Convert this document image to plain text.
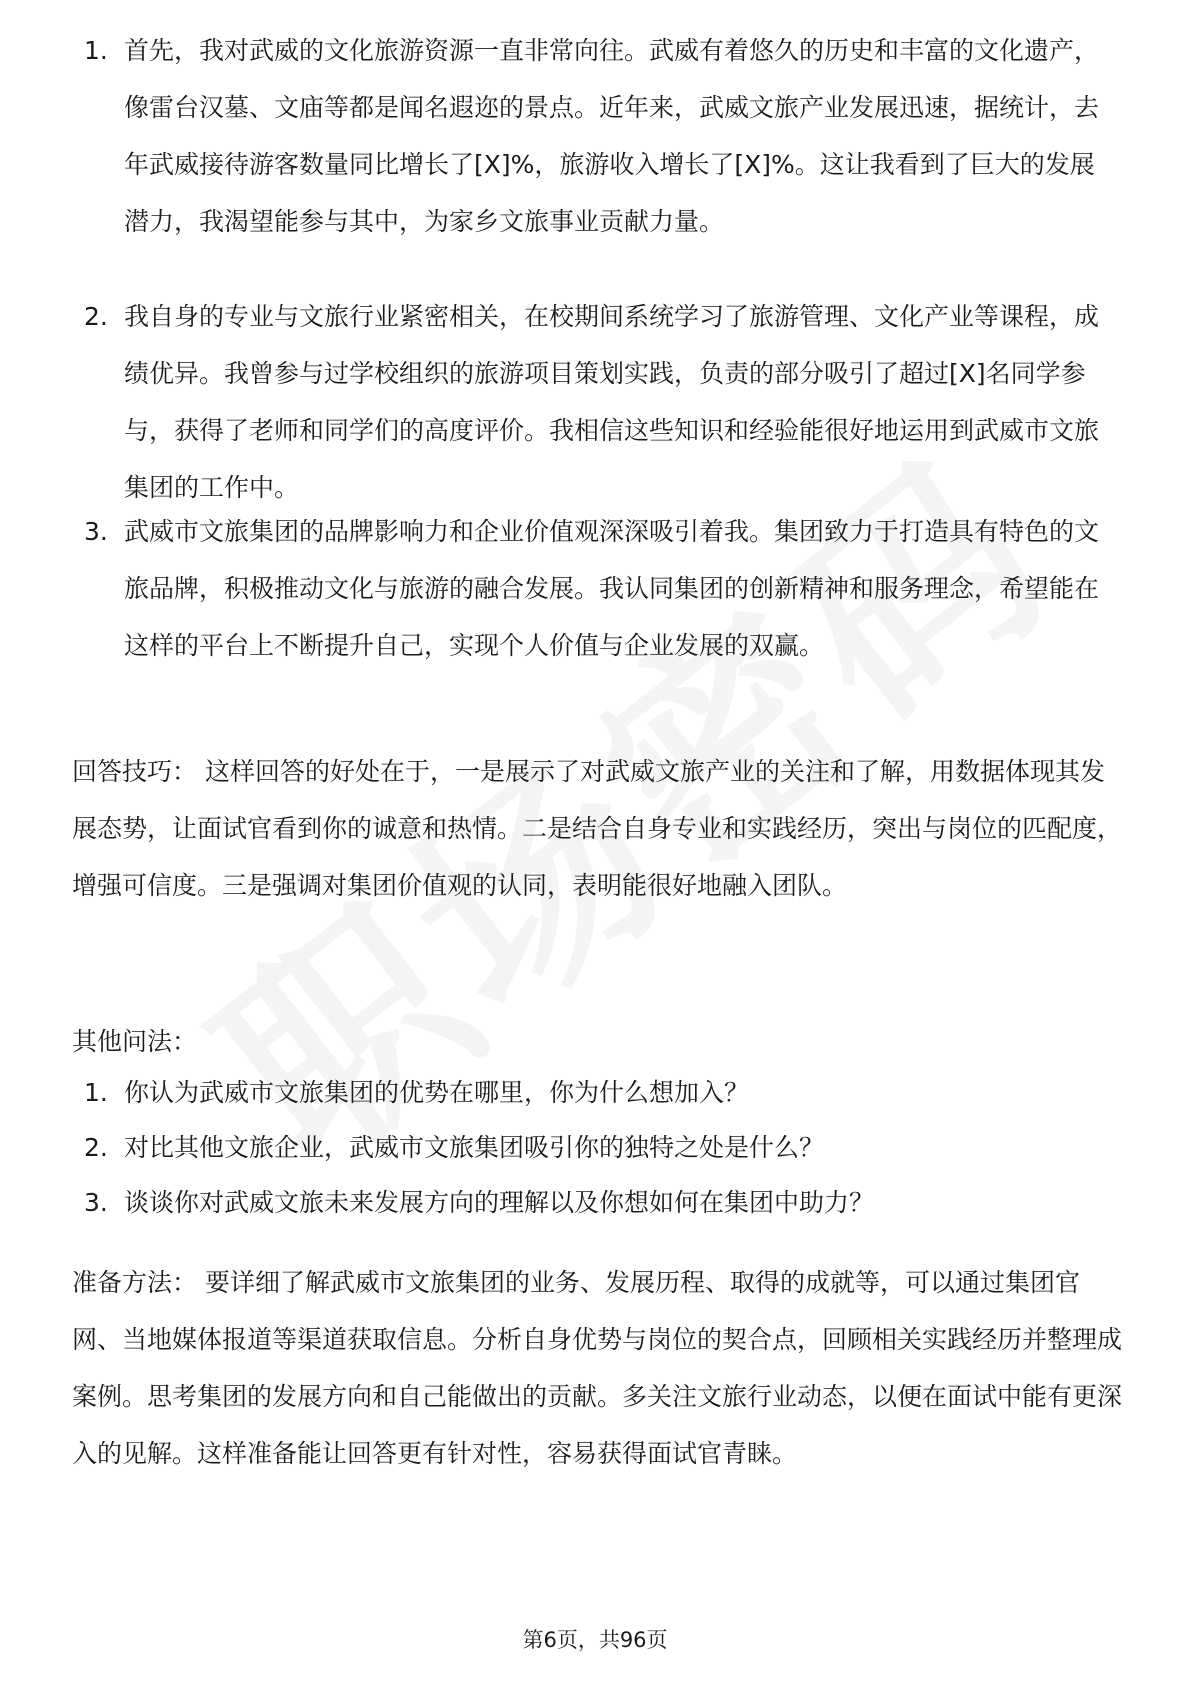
1. 首先，我对武威的文化旅游资源一直非常向往。武威有着悠久的历史和丰富的文化遗产，像雷台汉墓、文庙等都是闻名遐迩的景点。近年来，武威文旅产业发展迅速，据统计，去年武威接待游客数量同比增长了[X]%，旅游收入增长了[X]%。这让我看到了巨大的发展潜力，我渴望能参与其中，为家乡文旅事业贡献力量。
2. 我自身的专业与文旅行业紧密相关，在校期间系统学习了旅游管理、文化产业等课程，成绩优异。我曾参与过学校组织的旅游项目策划实践，负责的部分吸引了超过[X]名同学参与，获得了老师和同学们的高度评价。我相信这些知识和经验能很好地运用到武威市文旅集团的工作中。
3. 武威市文旅集团的品牌影响力和企业价值观深深吸引着我。集团致力于打造具有特色的文旅品牌，积极推动文化与旅游的融合发展。我认同集团的创新精神和服务理念，希望能在这样的平台上不断提升自己，实现个人价值与企业发展的双赢。
回答技巧： 这样回答的好处在于，一是展示了对武威文旅产业的关注和了解，用数据体现其发展态势，让面试官看到你的诚意和热情。二是结合自身专业和实践经历，突出与岗位的匹配度，增强可信度。三是强调对集团价值观的认同，表明能很好地融入团队。
其他问法：
1. 你认为武威市文旅集团的优势在哪里，你为什么想加入？
2. 对比其他文旅企业，武威市文旅集团吸引你的独特之处是什么？
3. 谈谈你对武威文旅未来发展方向的理解以及你想如何在集团中助力？
准备方法： 要详细了解武威市文旅集团的业务、发展历程、取得的成就等，可以通过集团官网、当地媒体报道等渠道获取信息。分析自身优势与岗位的契合点，回顾相关实践经历并整理成案例。思考集团的发展方向和自己能做出的贡献。多关注文旅行业动态，以便在面试中能有更深入的见解。这样准备能让回答更有针对性，容易获得面试官青睐。
第6页，共96页
